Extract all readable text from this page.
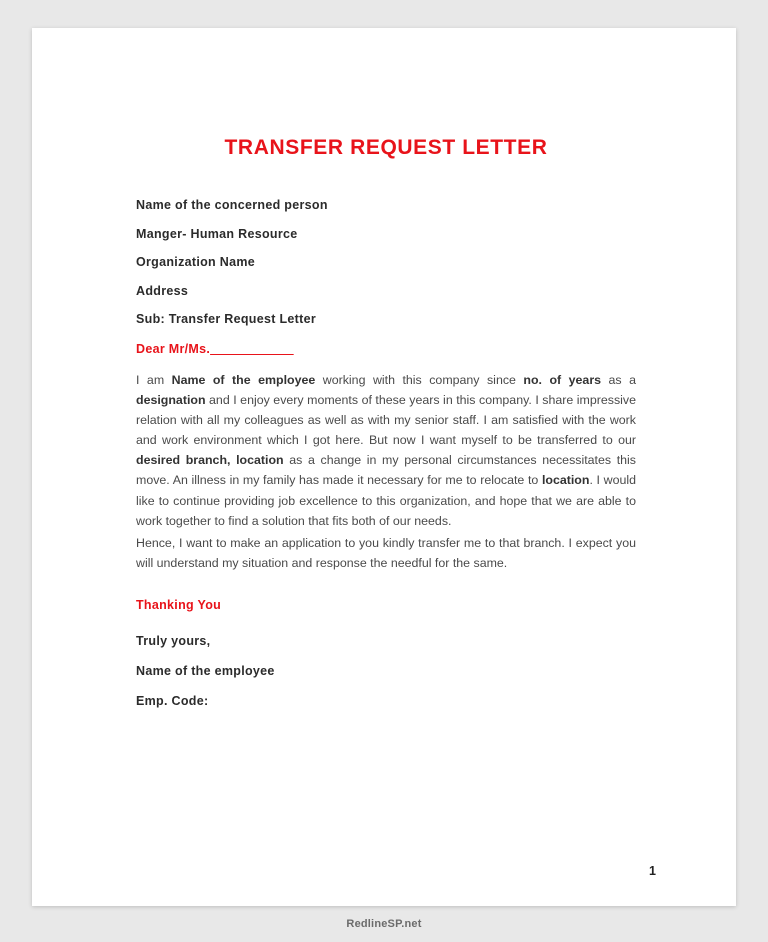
TRANSFER REQUEST LETTER
Name of the concerned person
Manger- Human Resource
Organization Name
Address
Sub: Transfer Request Letter
Dear Mr/Ms.____________

I am Name of the employee working with this company since no. of years as a designation and I enjoy every moments of these years in this company. I share impressive relation with all my colleagues as well as with my senior staff. I am satisfied with the work and work environment which I got here. But now I want myself to be transferred to our desired branch, location as a change in my personal circumstances necessitates this move. An illness in my family has made it necessary for me to relocate to location. I would like to continue providing job excellence to this organization, and hope that we are able to work together to find a solution that fits both of our needs.

Hence, I want to make an application to you kindly transfer me to that branch. I expect you will understand my situation and response the needful for the same.

Thanking You
Truly yours,
Name of the employee
Emp. Code:
1
RedlineSP.net
